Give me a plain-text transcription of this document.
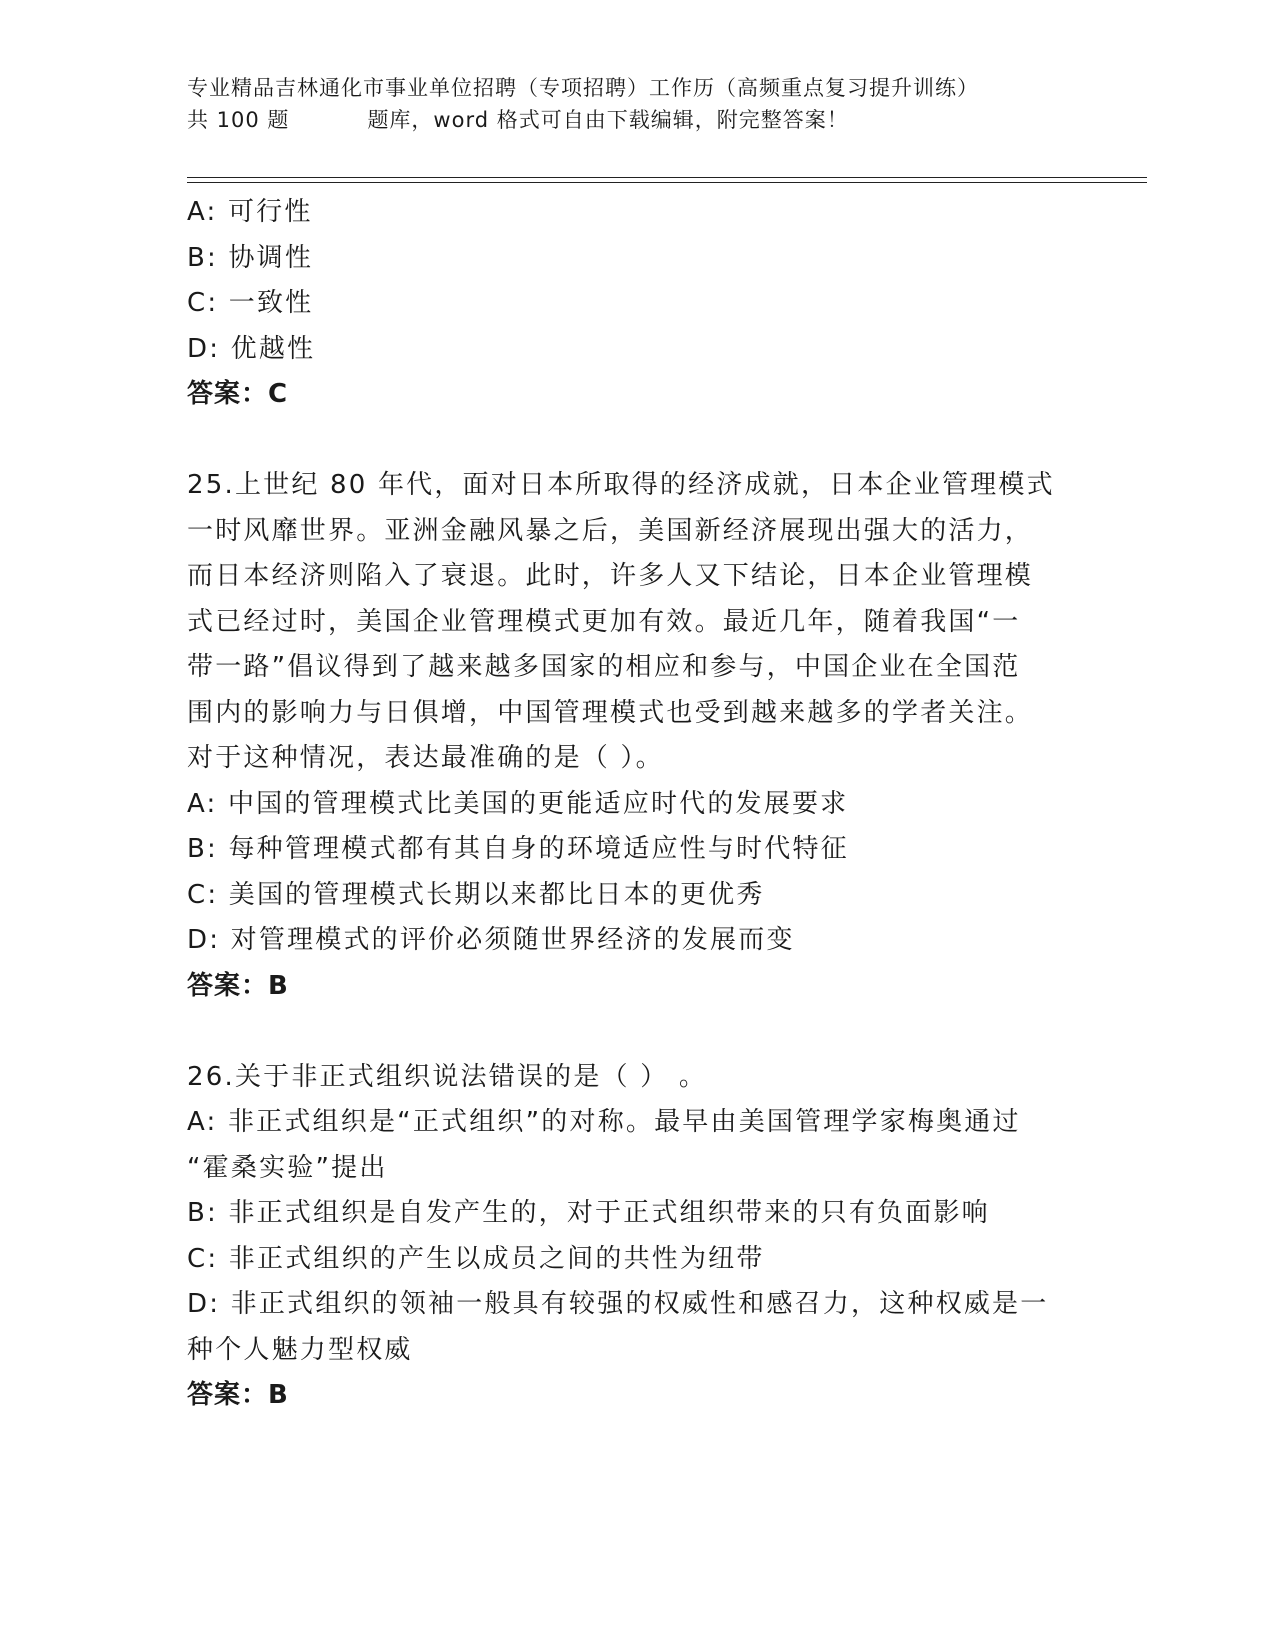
专业精品吉林通化市事业单位招聘（专项招聘）工作历（高频重点复习提升训练）
共 100 题	题库，word 格式可自由下载编辑，附完整答案！
A: 可行性
B: 协调性
C: 一致性
D: 优越性
答案：C
25.上世纪 80 年代，面对日本所取得的经济成就，日本企业管理模式
一时风靡世界。亚洲金融风暴之后，美国新经济展现出强大的活力，
而日本经济则陷入了衰退。此时，许多人又下结论，日本企业管理模
式已经过时，美国企业管理模式更加有效。最近几年，随着我国“一
带一路”倡议得到了越来越多国家的相应和参与，中国企业在全国范
围内的影响力与日俱增，中国管理模式也受到越来越多的学者关注。
对于这种情况，表达最准确的是（ ）。
A: 中国的管理模式比美国的更能适应时代的发展要求
B: 每种管理模式都有其自身的环境适应性与时代特征
C: 美国的管理模式长期以来都比日本的更优秀
D: 对管理模式的评价必须随世界经济的发展而变
答案：B
26.关于非正式组织说法错误的是（ ） 。
A: 非正式组织是“正式组织”的对称。最早由美国管理学家梅奥通过
“霍桑实验”提出
B: 非正式组织是自发产生的，对于正式组织带来的只有负面影响
C: 非正式组织的产生以成员之间的共性为纽带
D: 非正式组织的领袖一般具有较强的权威性和感召力，这种权威是一
种个人魅力型权威
答案：B
